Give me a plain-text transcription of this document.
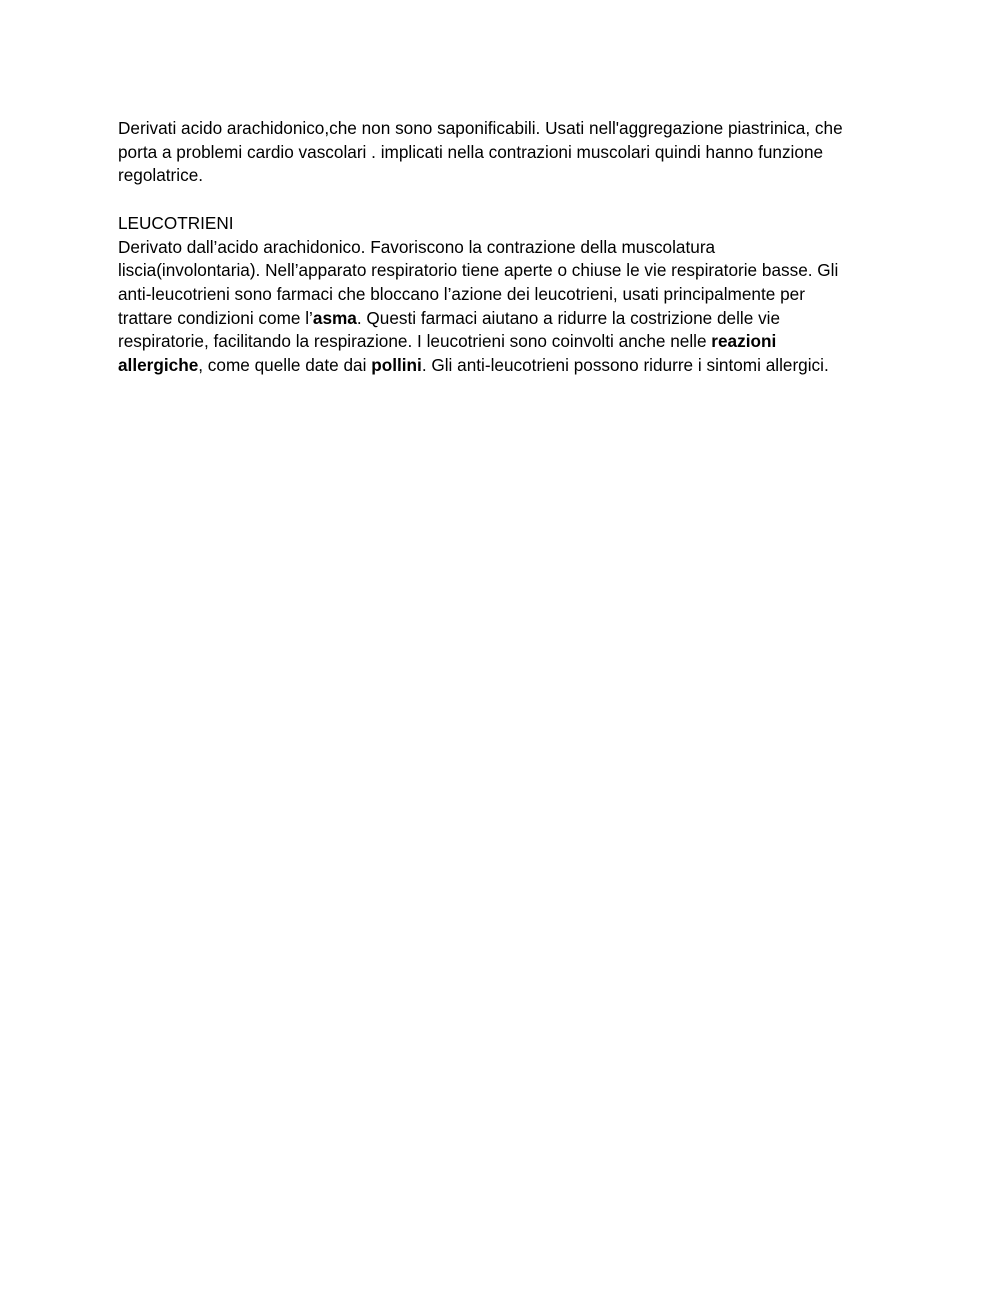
Derivati acido arachidonico,che non sono saponificabili. Usati nell'aggregazione piastrinica, che
porta a problemi cardio vascolari . implicati nella contrazioni muscolari quindi hanno funzione
regolatrice.
LEUCOTRIENI
Derivato dall’acido arachidonico. Favoriscono la contrazione della muscolatura
liscia(involontaria). Nell’apparato respiratorio tiene aperte o chiuse le vie respiratorie basse. Gli
anti-leucotrieni sono farmaci che bloccano l’azione dei leucotrieni, usati principalmente per
trattare condizioni come l’asma. Questi farmaci aiutano a ridurre la costrizione delle vie
respiratorie, facilitando la respirazione. I leucotrieni sono coinvolti anche nelle reazioni
allergiche, come quelle date dai pollini. Gli anti-leucotrieni possono ridurre i sintomi allergici.
